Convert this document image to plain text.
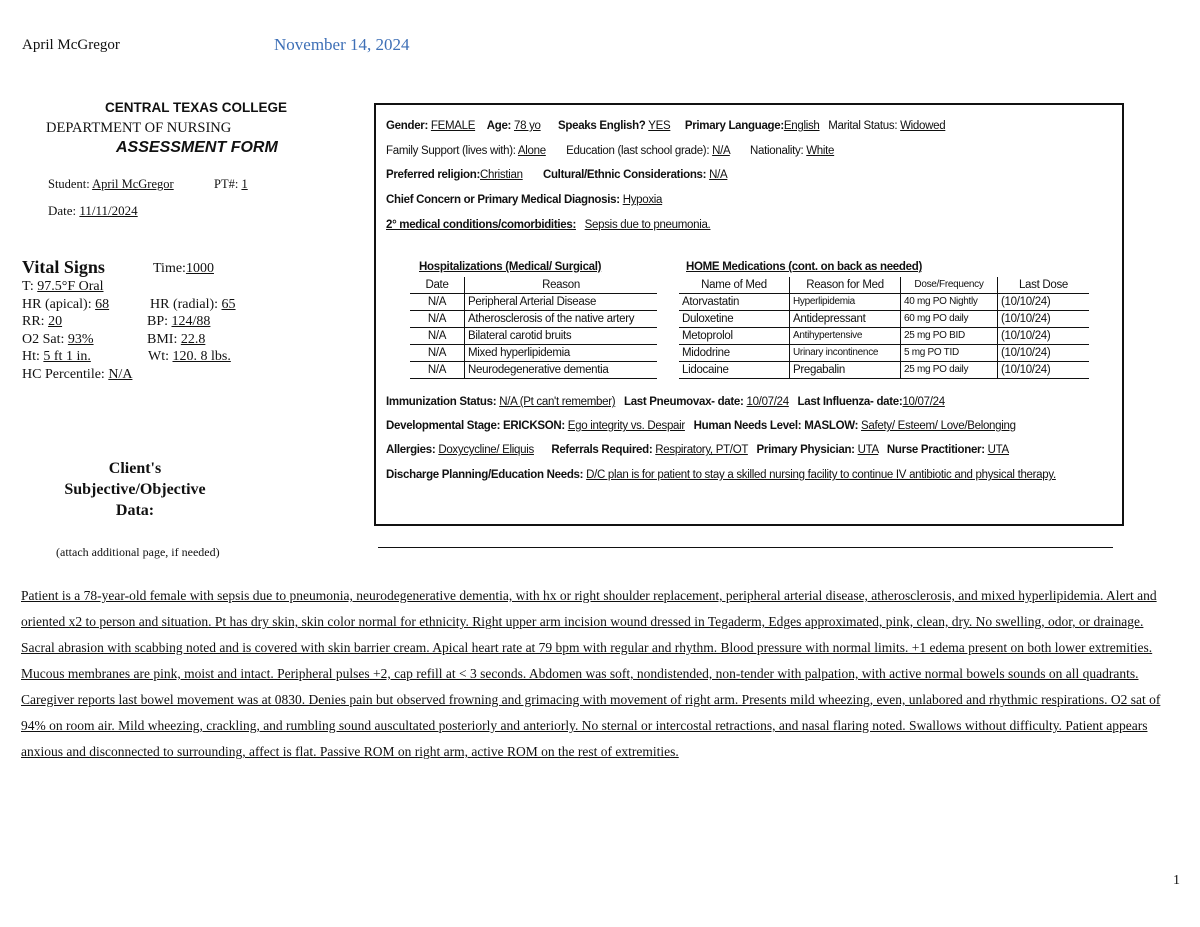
April McGregor	November 14, 2024
CENTRAL TEXAS COLLEGE
DEPARTMENT OF NURSING
ASSESSMENT FORM
Student: April McGregor	PT#: 1
Date: 11/11/2024
Vital Signs	Time:1000
T: 97.5°F Oral
HR (apical): 68	HR (radial): 65
RR: 20	BP: 124/88
O2 Sat: 93%	BMI: 22.8
Ht: 5 ft 1 in.	Wt: 120. 8 lbs.
HC Percentile: N/A
Client's Subjective/Objective Data:
(attach additional page, if needed)
Gender: FEMALE Age: 78 yo Speaks English? YES Primary Language:English Marital Status: Widowed
Family Support (lives with): Alone Education (last school grade): N/A Nationality: White
Preferred religion:Christian Cultural/Ethnic Considerations: N/A
Chief Concern or Primary Medical Diagnosis: Hypoxia
2° medical conditions/comorbidities: Sepsis due to pneumonia.
Hospitalizations (Medical/ Surgical)
Date	Reason
N/A	Peripheral Arterial Disease
N/A	Atherosclerosis of the native artery
N/A	Bilateral carotid bruits
N/A	Mixed hyperlipidemia
N/A	Neurodegenerative dementia
HOME Medications (cont. on back as needed)
Name of Med	Reason for Med	Dose/Frequency	Last Dose
Atorvastatin	Hyperlipidemia	40 mg PO Nightly	(10/10/24)
Duloxetine	Antidepressant	60 mg PO daily	(10/10/24)
Metoprolol	Antihypertensive	25 mg PO BID	(10/10/24)
Midodrine	Urinary incontinence	5 mg PO TID	(10/10/24)
Lidocaine	Pregabalin	25 mg PO daily	(10/10/24)
Immunization Status: N/A (Pt can't remember) Last Pneumovax- date: 10/07/24 Last Influenza- date:10/07/24
Developmental Stage: ERICKSON: Ego integrity vs. Despair Human Needs Level: MASLOW: Safety/ Esteem/ Love/Belonging
Allergies: Doxycycline/ Eliquis Referrals Required: Respiratory, PT/OT Primary Physician: UTA Nurse Practitioner: UTA
Discharge Planning/Education Needs: D/C plan is for patient to stay a skilled nursing facility to continue IV antibiotic and physical therapy.
Patient is a 78-year-old female with sepsis due to pneumonia, neurodegenerative dementia, with hx or right shoulder replacement, peripheral arterial disease, atherosclerosis, and mixed hyperlipidemia. Alert and oriented x2 to person and situation. Pt has dry skin, skin color normal for ethnicity. Right upper arm incision wound dressed in Tegaderm, Edges approximated, pink, clean, dry. No swelling, odor, or drainage. Sacral abrasion with scabbing noted and is covered with skin barrier cream. Apical heart rate at 79 bpm with regular and rhythm. Blood pressure with normal limits. +1 edema present on both lower extremities. Mucous membranes are pink, moist and intact. Peripheral pulses +2, cap refill at < 3 seconds. Abdomen was soft, nondistended, non-tender with palpation, with active normal bowels sounds on all quadrants. Caregiver reports last bowel movement was at 0830. Denies pain but observed frowning and grimacing with movement of right arm. Presents mild wheezing, even, unlabored and rhythmic respirations. O2 sat of 94% on room air. Mild wheezing, crackling, and rumbling sound auscultated posteriorly and anteriorly. No sternal or intercostal retractions, and nasal flaring noted. Swallows without difficulty. Patient appears anxious and disconnected to surrounding, affect is flat. Passive ROM on right arm, active ROM on the rest of extremities.
1
